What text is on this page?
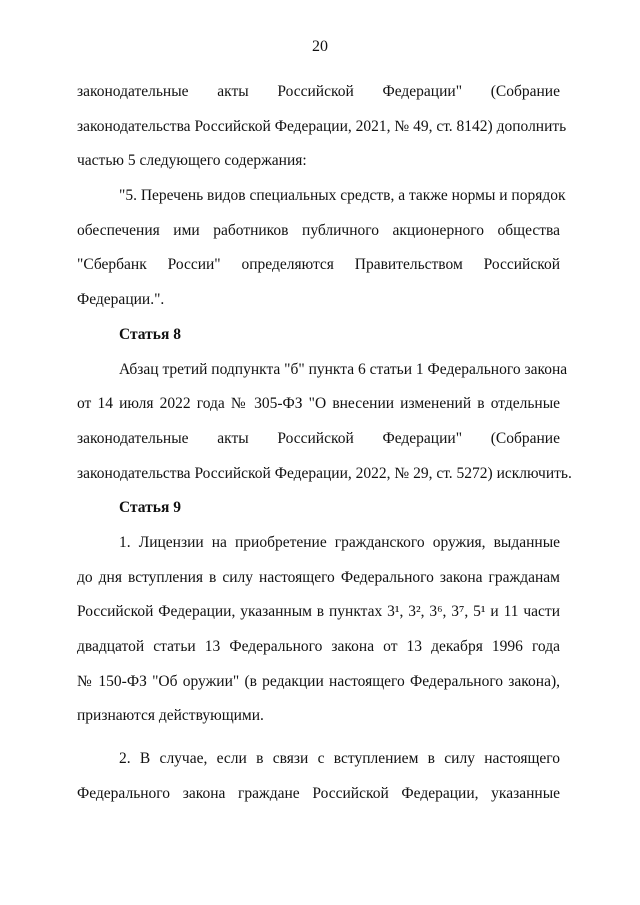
20
законодательные акты Российской Федерации" (Собрание
законодательства Российской Федерации, 2021, № 49, ст. 8142) дополнить
частью 5 следующего содержания:
"5. Перечень видов специальных средств, а также нормы и порядок
обеспечения ими работников публичного акционерного общества
"Сбербанк России" определяются Правительством Российской
Федерации.".
Статья 8
Абзац третий подпункта "б" пункта 6 статьи 1 Федерального закона
от 14 июля 2022 года № 305-ФЗ "О внесении изменений в отдельные
законодательные акты Российской Федерации" (Собрание
законодательства Российской Федерации, 2022, № 29, ст. 5272) исключить.
Статья 9
1. Лицензии на приобретение гражданского оружия, выданные
до дня вступления в силу настоящего Федерального закона гражданам
Российской Федерации, указанным в пунктах 3¹, 3², 3⁶, 3⁷, 5¹ и 11 части
двадцатой статьи 13 Федерального закона от 13 декабря 1996 года
№ 150-ФЗ "Об оружии" (в редакции настоящего Федерального закона),
признаются действующими.
2. В случае, если в связи с вступлением в силу настоящего
Федерального закона граждане Российской Федерации, указанные
